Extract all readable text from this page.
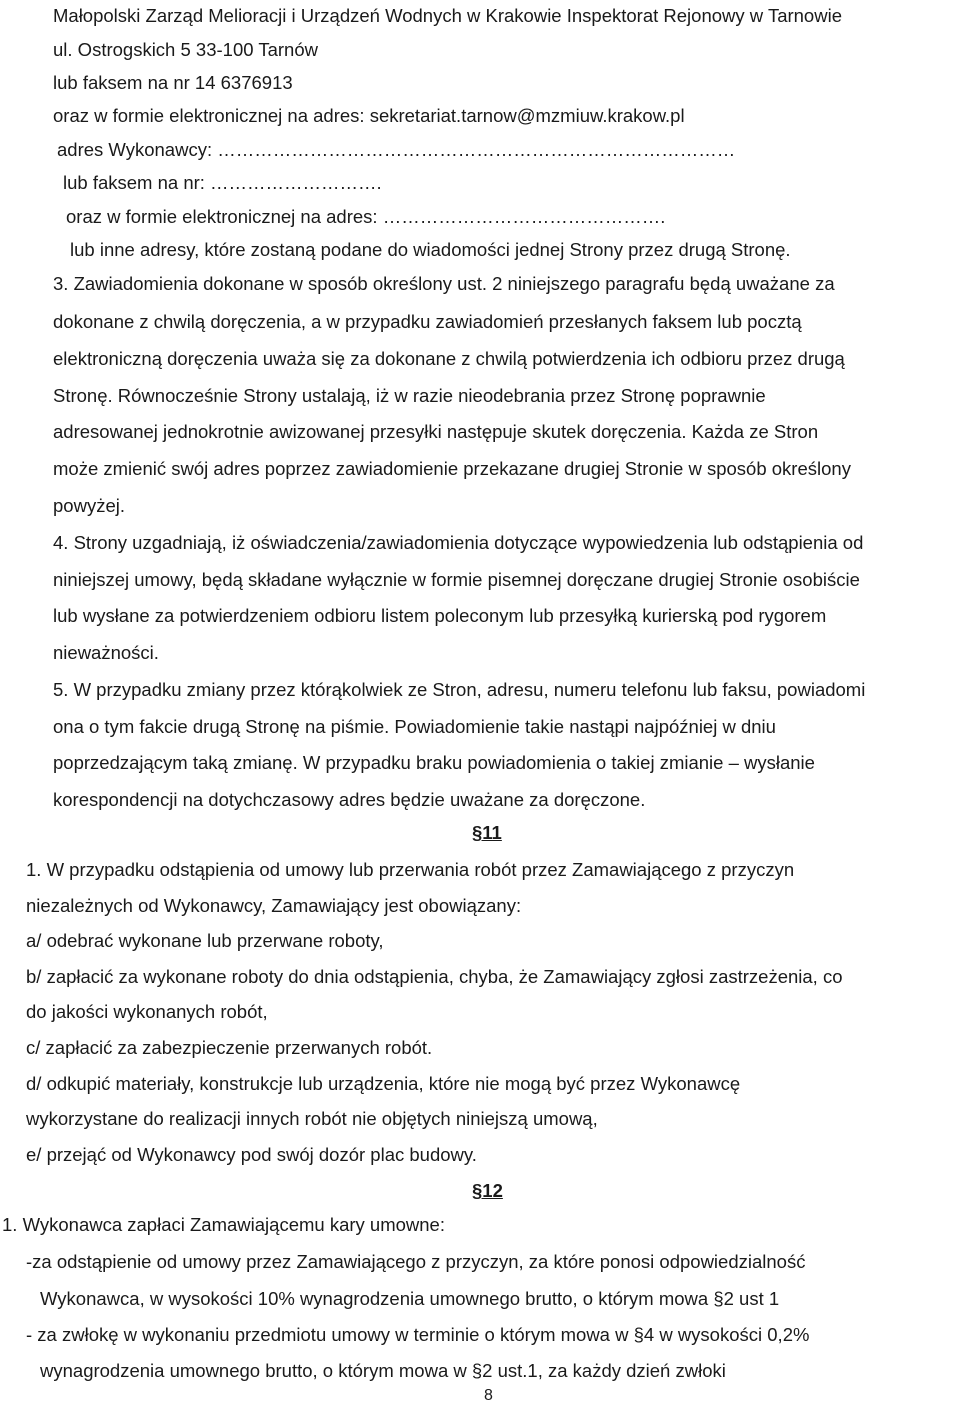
Małopolski Zarząd Melioracji i Urządzeń Wodnych w Krakowie Inspektorat Rejonowy w Tarnowie
ul. Ostrogskich 5 33-100 Tarnów
lub faksem na nr 14 6376913
oraz w formie elektronicznej na adres: sekretariat.tarnow@mzmiuw.krakow.pl
adres Wykonawcy: …………………………………………………………………………
lub faksem na nr: ……………………….
oraz w formie elektronicznej na adres: ……………………………………….
lub inne adresy, które zostaną podane do wiadomości jednej Strony przez drugą Stronę.
3. Zawiadomienia dokonane w sposób określony ust. 2 niniejszego paragrafu będą uważane za
dokonane z chwilą doręczenia, a w przypadku zawiadomień przesłanych faksem lub pocztą
elektroniczną doręczenia uważa się za dokonane z chwilą potwierdzenia ich odbioru przez drugą
Stronę. Równocześnie Strony ustalają, iż w razie nieodebrania przez Stronę poprawnie
adresowanej jednokrotnie awizowanej przesyłki następuje skutek doręczenia. Każda ze Stron
może zmienić swój adres poprzez zawiadomienie przekazane drugiej Stronie w sposób określony
powyżej.
4. Strony uzgadniają, iż oświadczenia/zawiadomienia dotyczące wypowiedzenia lub odstąpienia od
niniejszej umowy, będą składane wyłącznie w formie pisemnej doręczane drugiej Stronie osobiście
lub wysłane za potwierdzeniem odbioru listem poleconym lub przesyłką kurierską pod rygorem
nieważności.
5. W przypadku zmiany przez którąkolwiek ze Stron, adresu, numeru telefonu lub faksu, powiadomi
ona o tym fakcie drugą Stronę na piśmie. Powiadomienie takie nastąpi najpóźniej w dniu
poprzedzającym taką zmianę. W przypadku braku powiadomienia o takiej zmianie – wysłanie
korespondencji na dotychczasowy adres będzie uważane za doręczone.
§11
1. W przypadku odstąpienia od umowy lub przerwania robót przez Zamawiającego z przyczyn
niezależnych od Wykonawcy, Zamawiający jest obowiązany:
a/ odebrać wykonane lub przerwane roboty,
b/ zapłacić za wykonane roboty do dnia odstąpienia, chyba, że Zamawiający zgłosi zastrzeżenia, co
do jakości wykonanych robót,
c/ zapłacić za zabezpieczenie przerwanych robót.
d/ odkupić materiały, konstrukcje lub urządzenia, które nie mogą być przez Wykonawcę
wykorzystane do realizacji innych robót nie objętych niniejszą umową,
e/ przejąć od Wykonawcy pod swój dozór plac budowy.
§12
1. Wykonawca zapłaci Zamawiającemu kary umowne:
-za odstąpienie od umowy przez Zamawiającego z przyczyn, za które ponosi odpowiedzialność
Wykonawca, w wysokości 10% wynagrodzenia umownego brutto, o którym mowa §2 ust 1
- za zwłokę w wykonaniu przedmiotu umowy w terminie o którym mowa w §4 w wysokości 0,2%
wynagrodzenia umownego brutto, o którym mowa w §2 ust.1, za każdy dzień zwłoki
8
